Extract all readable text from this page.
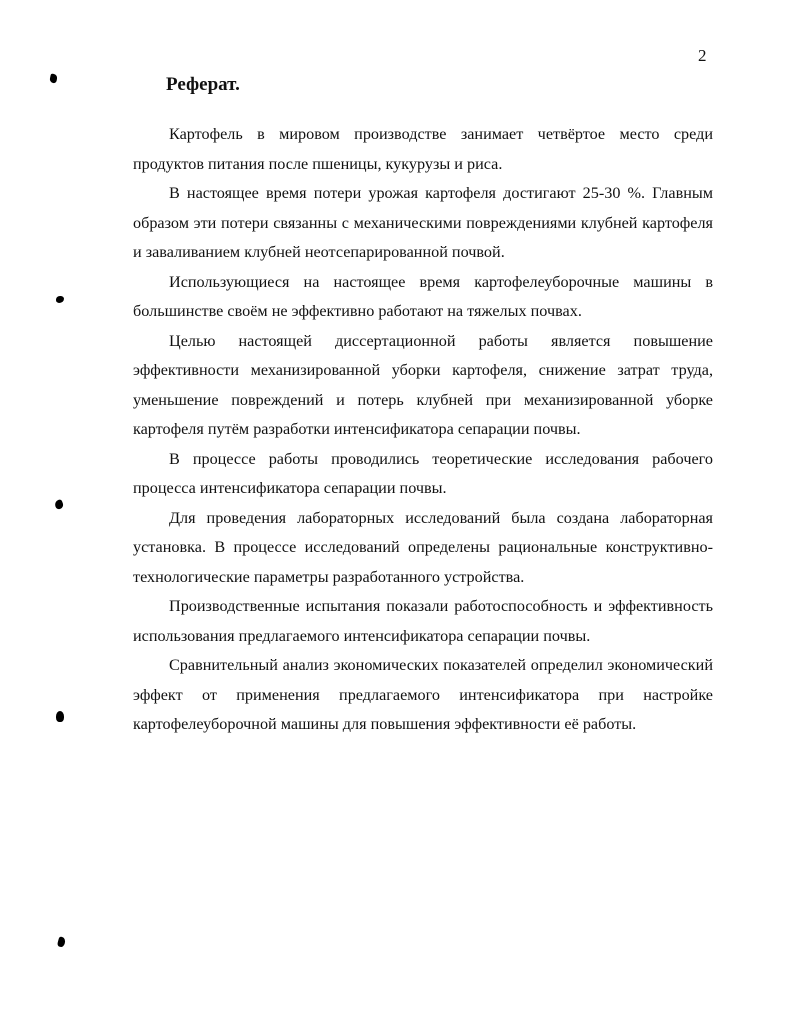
2
Реферат.

Картофель в мировом производстве занимает четвёртое место среди продуктов питания после пшеницы, кукурузы и риса.

В настоящее время потери урожая картофеля достигают 25-30 %. Главным образом эти потери связанны с механическими повреждениями клубней картофеля и заваливанием клубней неотсепарированной почвой.

Использующиеся на настоящее время картофелеуборочные машины в большинстве своём не эффективно работают на тяжелых почвах.

Целью настоящей диссертационной работы является повышение эффективности механизированной уборки картофеля, снижение затрат труда, уменьшение повреждений и потерь клубней при механизированной уборке картофеля путём разработки интенсификатора сепарации почвы.

В процессе работы проводились теоретические исследования рабочего процесса интенсификатора сепарации почвы.

Для проведения лабораторных исследований была создана лабораторная установка. В процессе исследований определены рациональные конструктивно-технологические параметры разработанного устройства.

Производственные испытания показали работоспособность и эффективность использования предлагаемого интенсификатора сепарации почвы.

Сравнительный анализ экономических показателей определил экономический эффект от применения предлагаемого интенсификатора при настройке картофелеуборочной машины для повышения эффективности её работы.
